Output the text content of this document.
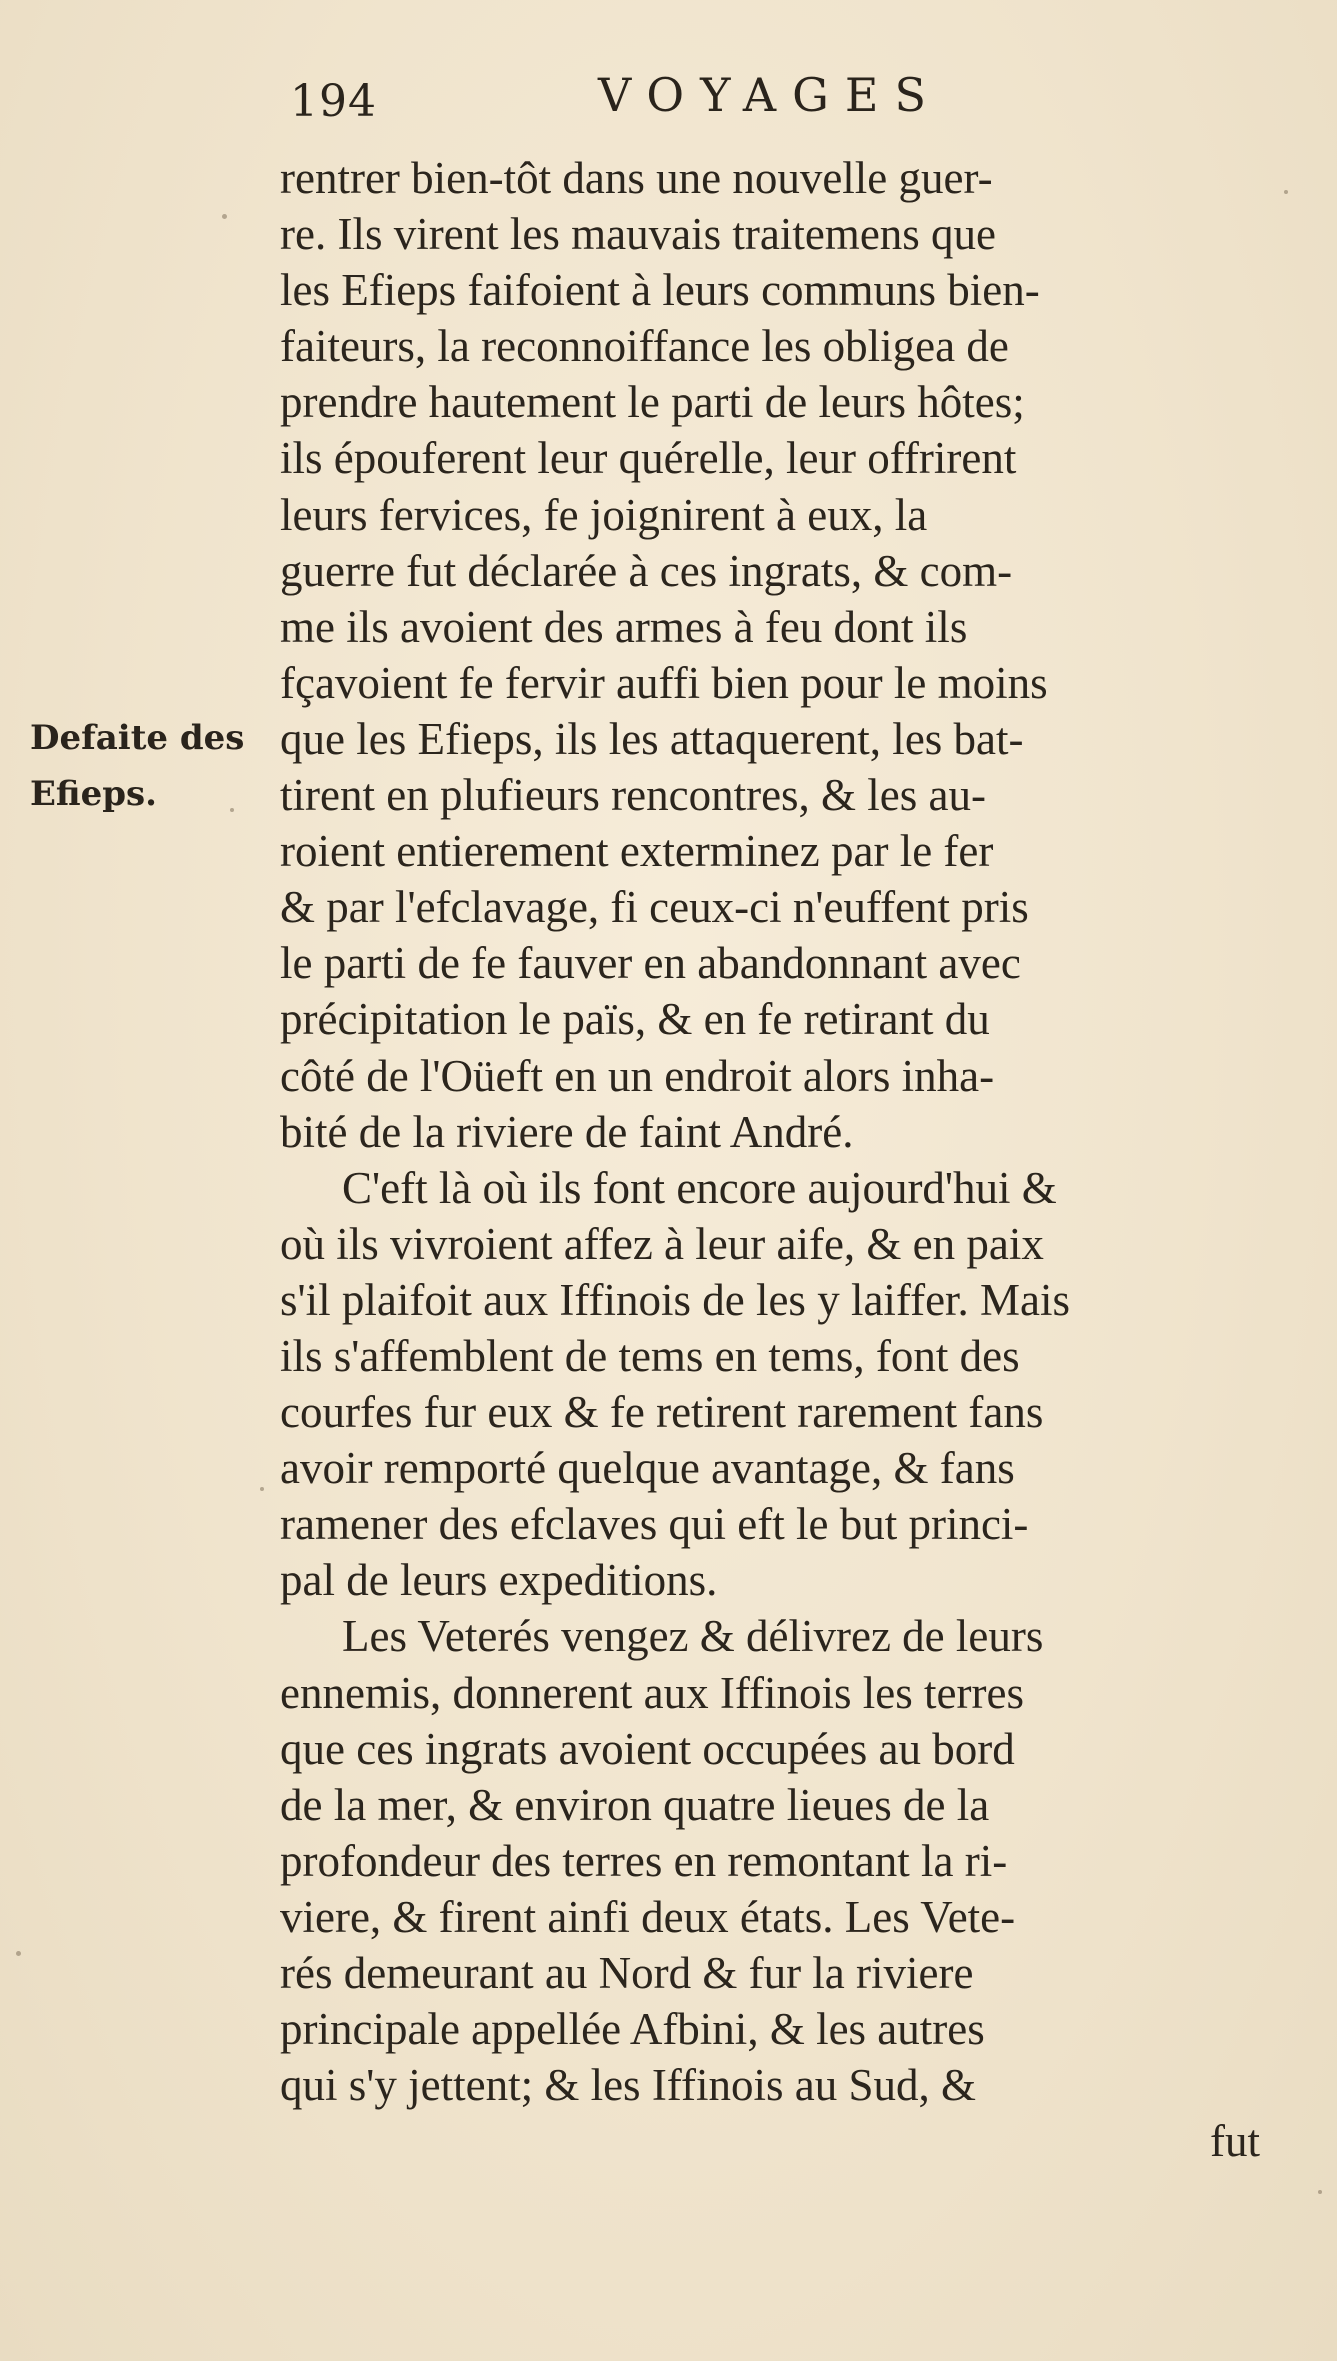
194	VOYAGES
Defaite des
Efieps.
rentrer bien-tôt dans une nouvelle guer-
re. Ils virent les mauvais traitemens que
les Efieps faifoient à leurs communs bien-
faiteurs, la reconnoiffance les obligea de
prendre hautement le parti de leurs hôtes;
ils épouferent leur quérelle, leur offrirent
leurs fervices, fe joignirent à eux, la
guerre fut déclarée à ces ingrats, & com-
me ils avoient des armes à feu dont ils
fçavoient fe fervir auffi bien pour le moins
que les Efieps, ils les attaquerent, les bat-
tirent en plufieurs rencontres, & les au-
roient entierement exterminez par le fer
& par l'efclavage, fi ceux-ci n'euffent pris
le parti de fe fauver en abandonnant avec
précipitation le païs, & en fe retirant du
côté de l'Oüeft en un endroit alors inha-
bité de la riviere de faint André.
C'eft là où ils font encore aujourd'hui &
où ils vivroient affez à leur aife, & en paix
s'il plaifoit aux Iffinois de les y laiffer. Mais
ils s'affemblent de tems en tems, font des
courfes fur eux & fe retirent rarement fans
avoir remporté quelque avantage, & fans
ramener des efclaves qui eft le but princi-
pal de leurs expeditions.
Les Veterés vengez & délivrez de leurs
ennemis, donnerent aux Iffinois les terres
que ces ingrats avoient occupées au bord
de la mer, & environ quatre lieues de la
profondeur des terres en remontant la ri-
viere, & firent ainfi deux états. Les Vete-
rés demeurant au Nord & fur la riviere
principale appellée Afbini, & les autres
qui s'y jettent; & les Iffinois au Sud, &
fut
